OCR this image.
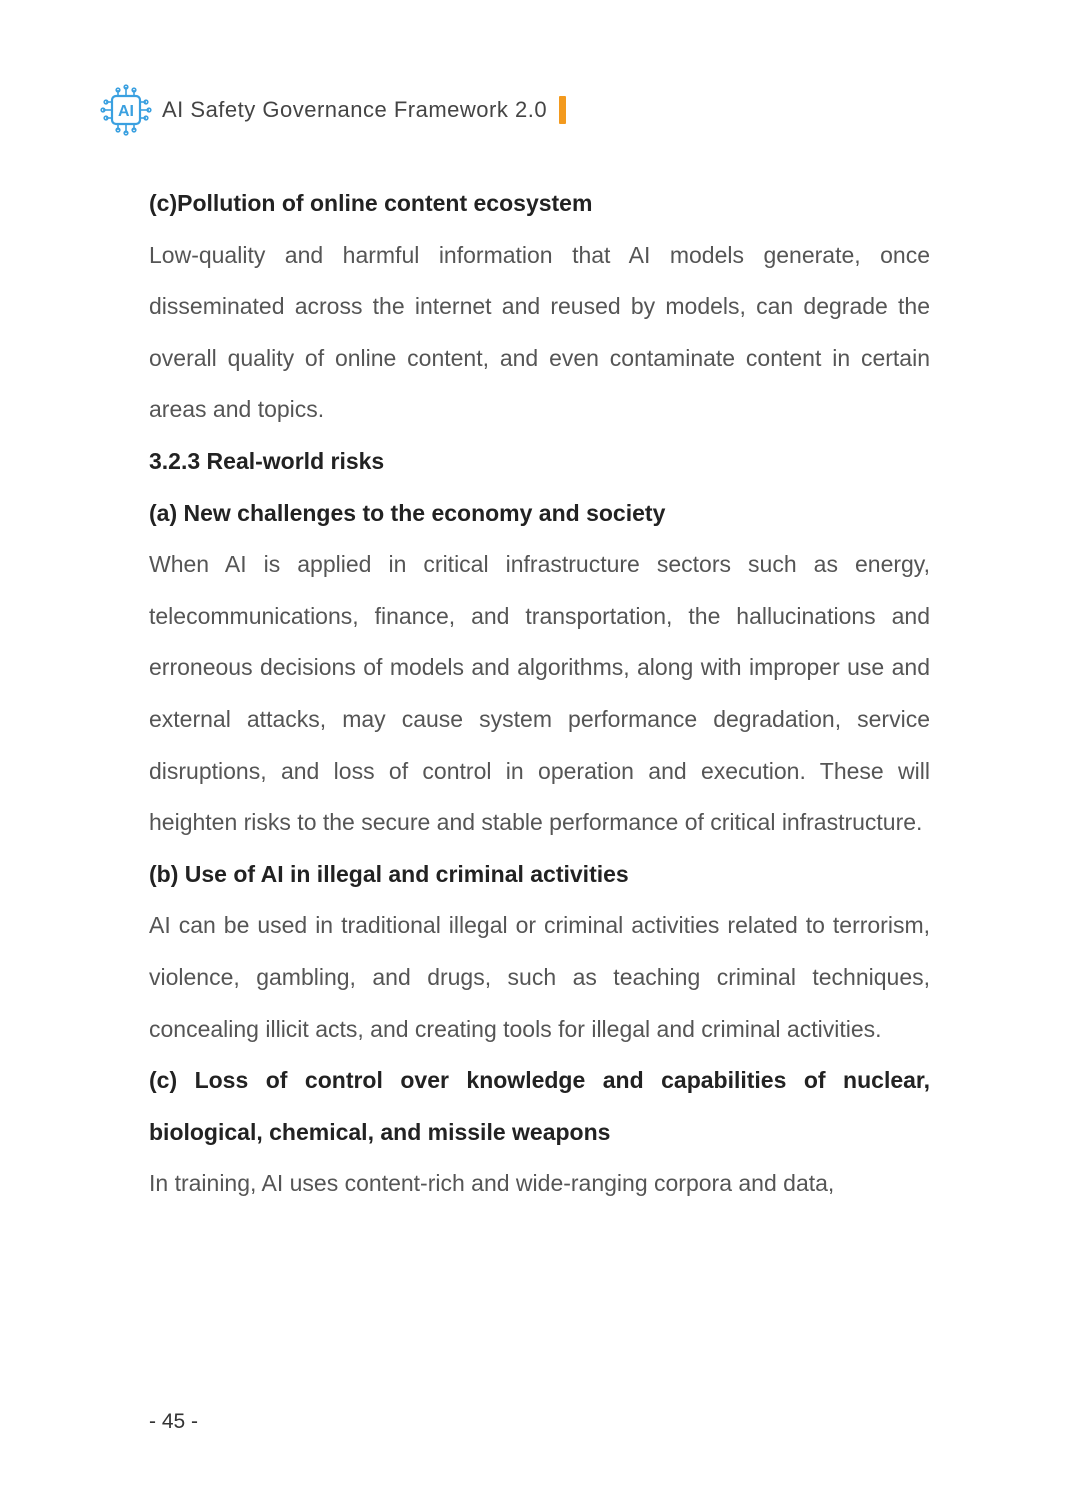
AI AI Safety Governance Framework 2.0

(c)Pollution of online content ecosystem

Low-quality and harmful information that AI models generate, once disseminated across the internet and reused by models, can degrade the overall quality of online content, and even contaminate content in certain areas and topics.

3.2.3 Real-world risks

(a) New challenges to the economy and society

When AI is applied in critical infrastructure sectors such as energy, telecommunications, finance, and transportation, the hallucinations and erroneous decisions of models and algorithms, along with improper use and external attacks, may cause system performance degradation, service disruptions, and loss of control in operation and execution. These will heighten risks to the secure and stable performance of critical infrastructure.

(b) Use of AI in illegal and criminal activities

AI can be used in traditional illegal or criminal activities related to terrorism, violence, gambling, and drugs, such as teaching criminal techniques, concealing illicit acts, and creating tools for illegal and criminal activities.

(c) Loss of control over knowledge and capabilities of nuclear, biological, chemical, and missile weapons

In training, AI uses content-rich and wide-ranging corpora and data,

- 45 -
